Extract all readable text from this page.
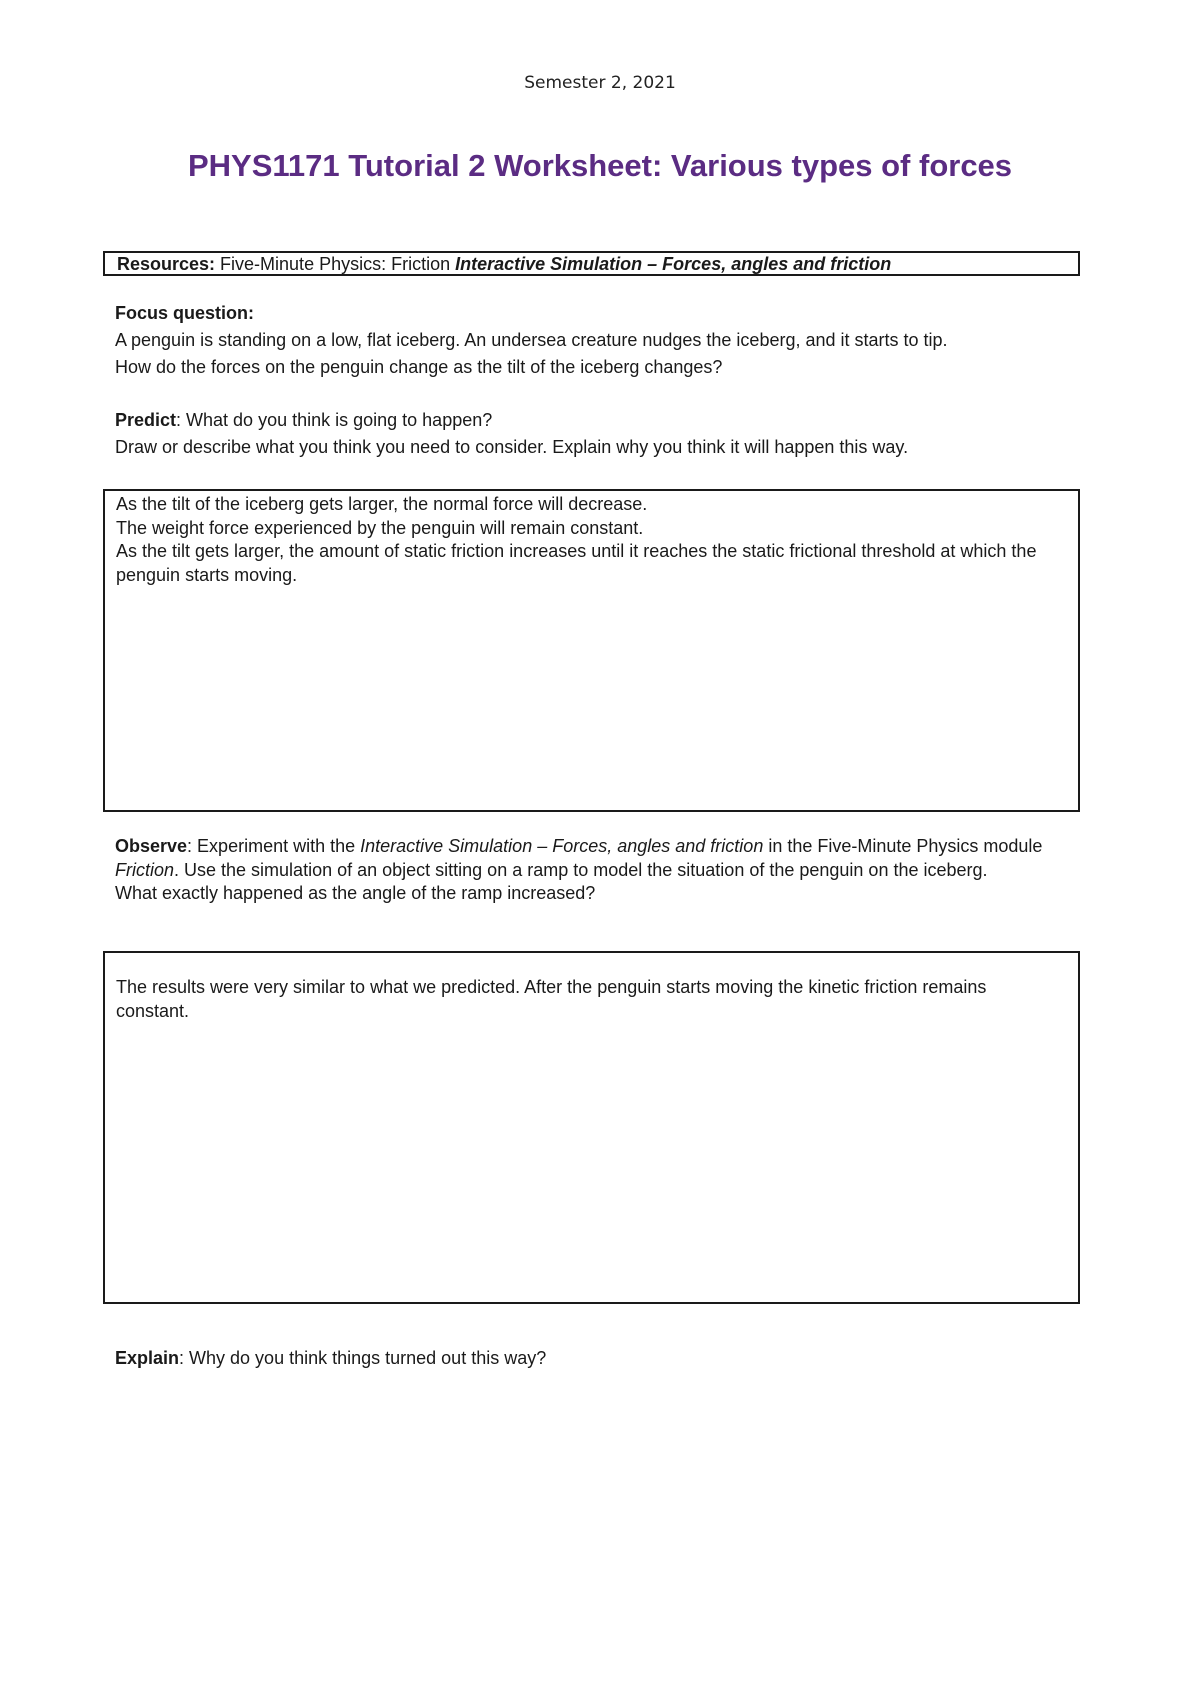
Semester 2, 2021
PHYS1171 Tutorial 2 Worksheet: Various types of forces
Resources: Five-Minute Physics: Friction Interactive Simulation – Forces, angles and friction
Focus question:
A penguin is standing on a low, flat iceberg. An undersea creature nudges the iceberg, and it starts to tip.
How do the forces on the penguin change as the tilt of the iceberg changes?
Predict: What do you think is going to happen?
Draw or describe what you think you need to consider. Explain why you think it will happen this way.
As the tilt of the iceberg gets larger, the normal force will decrease.
The weight force experienced by the penguin will remain constant.
As the tilt gets larger, the amount of static friction increases until it reaches the static frictional threshold at which the penguin starts moving.
Observe: Experiment with the Interactive Simulation – Forces, angles and friction in the Five-Minute Physics module Friction. Use the simulation of an object sitting on a ramp to model the situation of the penguin on the iceberg.
What exactly happened as the angle of the ramp increased?
The results were very similar to what we predicted. After the penguin starts moving the kinetic friction remains constant.
Explain: Why do you think things turned out this way?
